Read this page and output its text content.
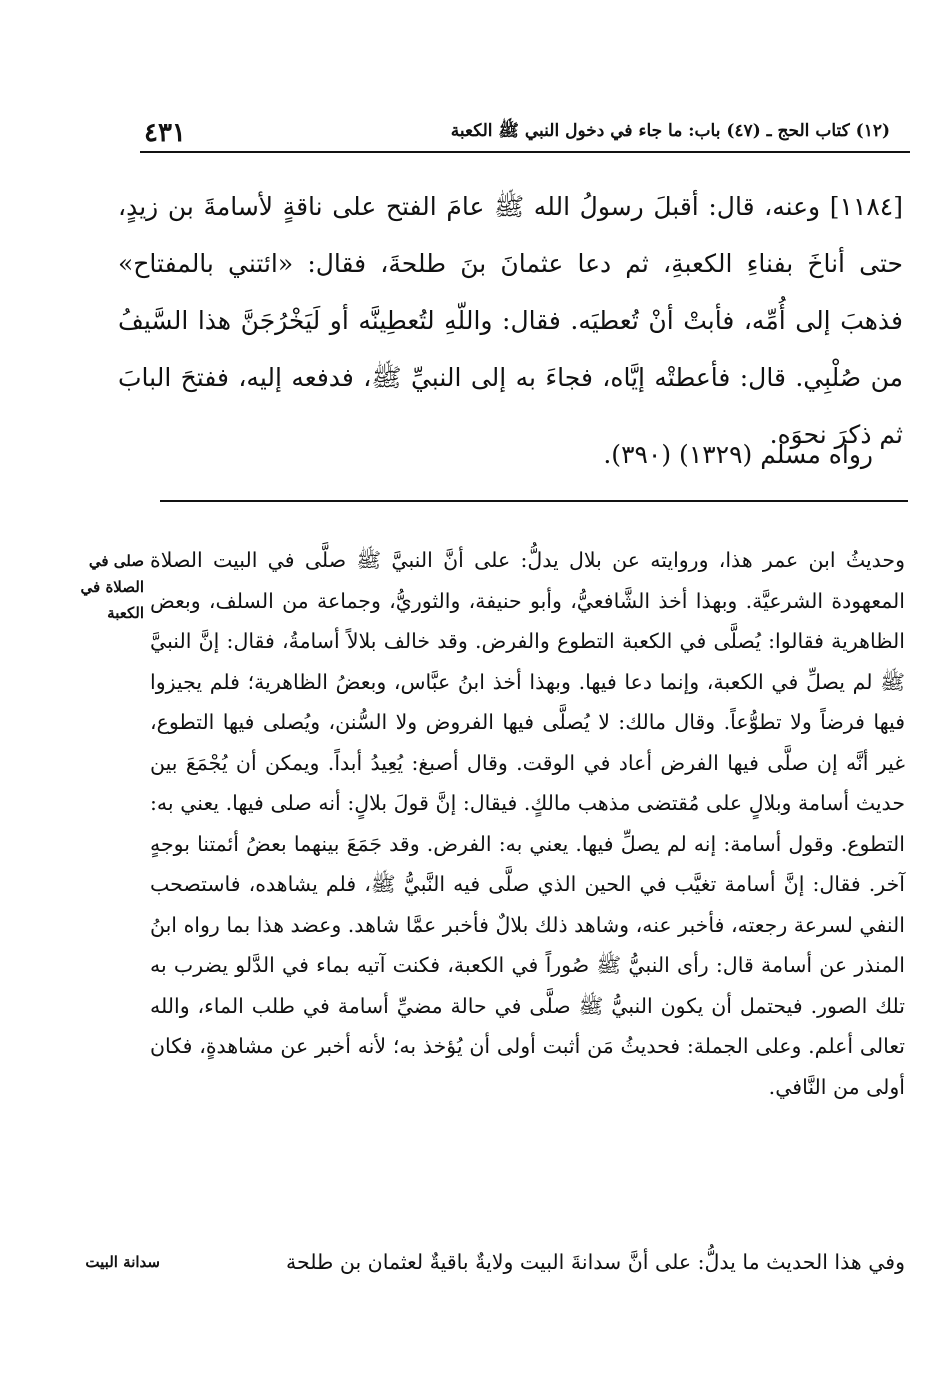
٤٣١	(١٢) كتاب الحج ـ (٤٧) باب: ما جاء في دخول النبي ﷺ الكعبة

[١١٨٤] وعنه، قال: أقبلَ رسولُ الله ﷺ عامَ الفتح على ناقةٍ لأسامةَ بن زيدٍ، حتى أناخَ بفناءِ الكعبةِ، ثم دعا عثمانَ بنَ طلحةَ، فقال: «ائتني بالمفتاح» فذهبَ إلى أُمِّه، فأبتْ أنْ تُعطيَه. فقال: واللّهِ لتُعطِينَّه أو لَيَخْرُجَنَّ هذا السَّيفُ من صُلْبِي. قال: فأعطتْه إيَّاه، فجاءَ به إلى النبيِّ ﷺ، فدفعه إليه، ففتحَ البابَ ثم ذكرَ نحوَه.

رواه مسلم (١٣٢٩) (٣٩٠).
صلى في الصلاة في الكعبة

وحديثُ ابن عمر هذا، وروايته عن بلال يدلُّ: على أنَّ النبيَّ ﷺ صلَّى في البيت الصلاة المعهودة الشرعيَّة. وبهذا أخذ الشَّافعيُّ، وأبو حنيفة، والثوريُّ، وجماعة من السلف، وبعض الظاهرية فقالوا: يُصلَّى في الكعبة التطوع والفرض. وقد خالف بلالاً أسامةُ، فقال: إنَّ النبيَّ ﷺ لم يصلِّ في الكعبة، وإنما دعا فيها. وبهذا أخذ ابنُ عبَّاس، وبعضُ الظاهرية؛ فلم يجيزوا فيها فرضاً ولا تطوُّعاً. وقال مالك: لا يُصلَّى فيها الفروض ولا السُّنن، ويُصلى فيها التطوع، غير أنَّه إن صلَّى فيها الفرض أعاد في الوقت. وقال أصبغ: يُعِيدُ أبداً. ويمكن أن يُجْمَعَ بين حديث أسامة وبلالٍ على مُقتضى مذهب مالكٍ. فيقال: إنَّ قولَ بلالٍ: أنه صلى فيها. يعني به: التطوع. وقول أسامة: إنه لم يصلِّ فيها. يعني به: الفرض. وقد جَمَعَ بينهما بعضُ أئمتنا بوجهٍ آخر. فقال: إنَّ أسامة تغيَّب في الحين الذي صلَّى فيه النَّبيُّ ﷺ، فلم يشاهده، فاستصحب النفي لسرعة رجعته، فأخبر عنه، وشاهد ذلك بلالٌ فأخبر عمَّا شاهد. وعضد هذا بما رواه ابنُ المنذر عن أسامة قال: رأى النبيُّ ﷺ صُوراً في الكعبة، فكنت آتيه بماء في الدَّلو يضرب به تلك الصور. فيحتمل أن يكون النبيُّ ﷺ صلَّى في حالة مضيِّ أسامة في طلب الماء، والله تعالى أعلم. وعلى الجملة: فحديثُ مَن أثبت أولى أن يُؤخذ به؛ لأنه أخبر عن مشاهدةٍ، فكان أولى من النَّافي.

سدانة البيت	وفي هذا الحديث ما يدلُّ: على أنَّ سدانةَ البيت ولايةٌ باقيةٌ لعثمان بن طلحة
